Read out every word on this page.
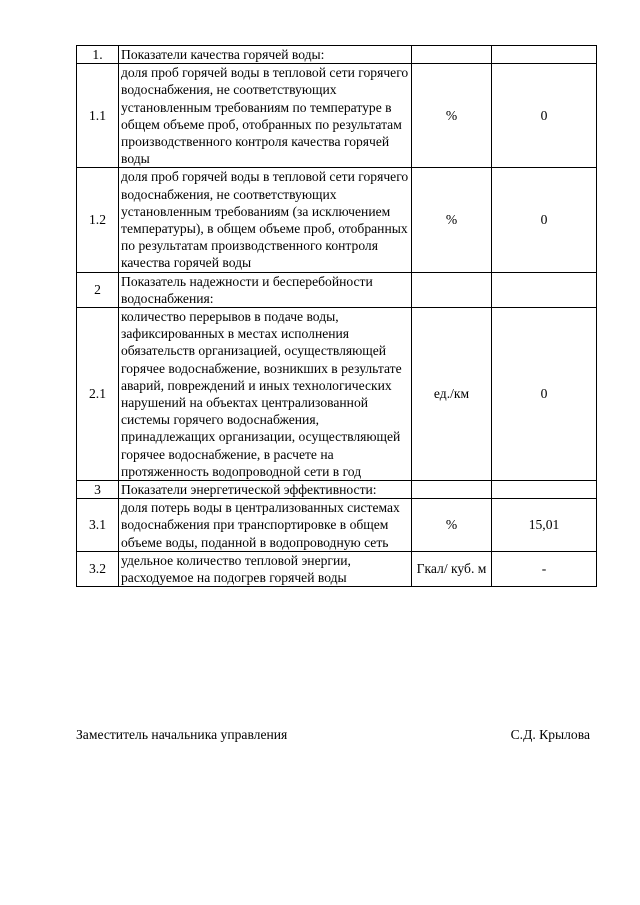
1.	Показатели качества горячей воды:		
1.1	доля проб горячей воды в тепловой сети горячего водоснабжения, не соответствующих установленным требованиям по температуре в общем объеме проб, отобранных по результатам производственного контроля качества горячей воды	%	0
1.2	доля проб горячей воды в тепловой сети горячего водоснабжения, не соответствующих установленным требованиям (за исключением температуры), в общем объеме проб, отобранных по результатам производственного контроля качества горячей воды	%	0
2	Показатель надежности и бесперебойности водоснабжения:		
2.1	количество перерывов в подаче воды, зафиксированных в местах исполнения обязательств организацией, осуществляющей горячее водоснабжение, возникших в результате аварий, повреждений и иных технологических нарушений на объектах централизованной системы горячего водоснабжения, принадлежащих организации, осуществляющей горячее водоснабжение, в расчете на протяженность водопроводной сети в год	ед./км	0
3	Показатели энергетической эффективности:		
3.1	доля потерь воды в централизованных системах водоснабжения при транспортировке в общем объеме воды, поданной в водопроводную сеть	%	15,01
3.2	удельное количество тепловой энергии, расходуемое на подогрев горячей воды	Гкал/ куб. м	-
Заместитель начальника управления	С.Д. Крылова
